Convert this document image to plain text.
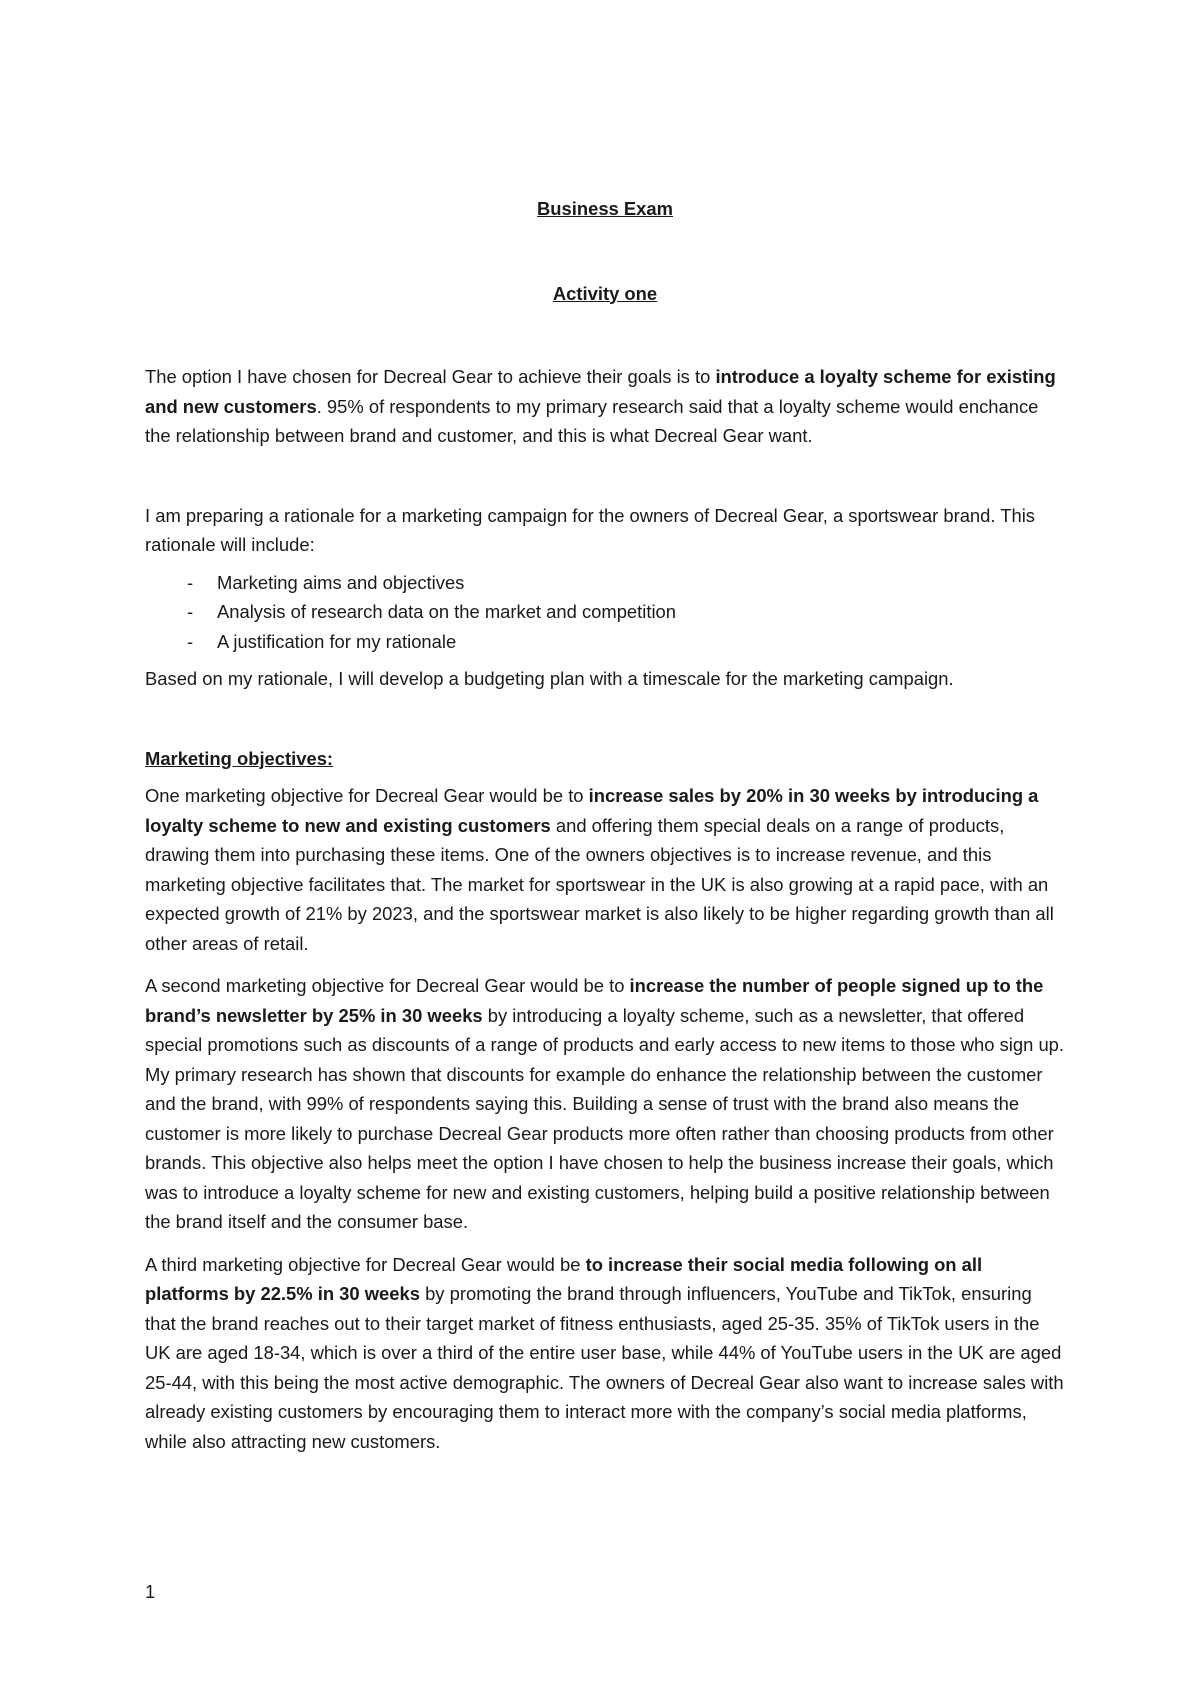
Business Exam
Activity one

The option I have chosen for Decreal Gear to achieve their goals is to introduce a loyalty scheme for existing and new customers. 95% of respondents to my primary research said that a loyalty scheme would enchance the relationship between brand and customer, and this is what Decreal Gear want.

I am preparing a rationale for a marketing campaign for the owners of Decreal Gear, a sportswear brand. This rationale will include:

- Marketing aims and objectives
- Analysis of research data on the market and competition
- A justification for my rationale

Based on my rationale, I will develop a budgeting plan with a timescale for the marketing campaign.

Marketing objectives:

One marketing objective for Decreal Gear would be to increase sales by 20% in 30 weeks by introducing a loyalty scheme to new and existing customers and offering them special deals on a range of products, drawing them into purchasing these items. One of the owners objectives is to increase revenue, and this marketing objective facilitates that. The market for sportswear in the UK is also growing at a rapid pace, with an expected growth of 21% by 2023, and the sportswear market is also likely to be higher regarding growth than all other areas of retail.

A second marketing objective for Decreal Gear would be to increase the number of people signed up to the brand’s newsletter by 25% in 30 weeks by introducing a loyalty scheme, such as a newsletter, that offered special promotions such as discounts of a range of products and early access to new items to those who sign up. My primary research has shown that discounts for example do enhance the relationship between the customer and the brand, with 99% of respondents saying this. Building a sense of trust with the brand also means the customer is more likely to purchase Decreal Gear products more often rather than choosing products from other brands. This objective also helps meet the option I have chosen to help the business increase their goals, which was to introduce a loyalty scheme for new and existing customers, helping build a positive relationship between the brand itself and the consumer base.

A third marketing objective for Decreal Gear would be to increase their social media following on all platforms by 22.5% in 30 weeks by promoting the brand through influencers, YouTube and TikTok, ensuring that the brand reaches out to their target market of fitness enthusiasts, aged 25-35. 35% of TikTok users in the UK are aged 18-34, which is over a third of the entire user base, while 44% of YouTube users in the UK are aged 25-44, with this being the most active demographic. The owners of Decreal Gear also want to increase sales with already existing customers by encouraging them to interact more with the company’s social media platforms, while also attracting new customers.

1
